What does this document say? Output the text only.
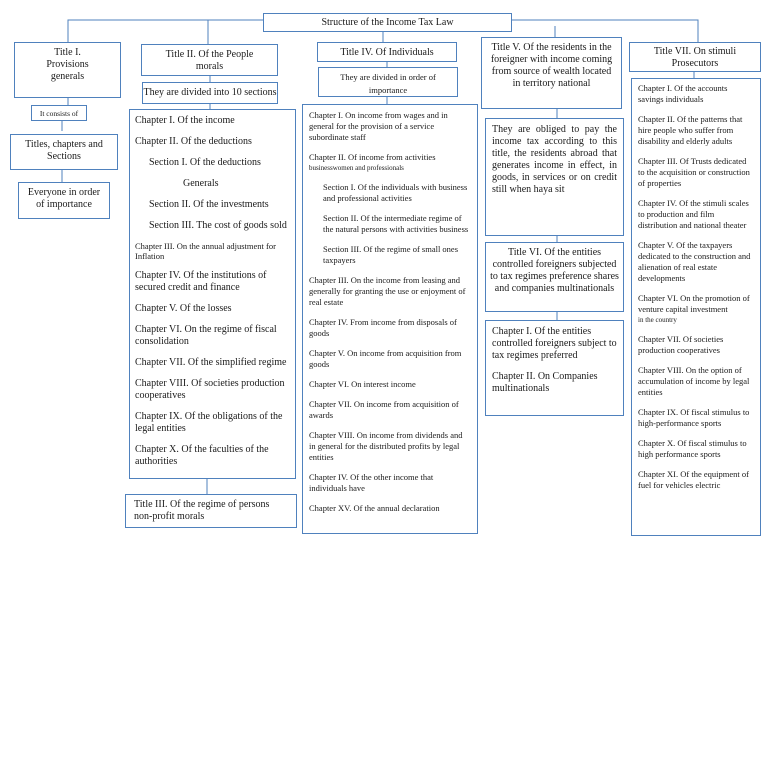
Structure of the Income Tax Law
Title I. Provisions generals
It consists of
Titles, chapters and Sections
Everyone in order of importance
Title II. Of the People morals
They are divided into 10 sections

Chapter I. Of the income

Chapter II. Of the deductions

Section I. Of the deductions

Generals

Section II. Of the investments

Section III. The cost of goods sold

Chapter III. On the annual adjustment for Inflation

Chapter IV. Of the institutions of secured credit and finance

Chapter V. Of the losses

Chapter VI. On the regime of fiscal consolidation

Chapter VII. Of the simplified regime

Chapter VIII. Of societies production cooperatives

Chapter IX. Of the obligations of the legal entities

Chapter X. Of the faculties of the authorities

Title III. Of the regime of persons non-profit morals
Title IV. Of Individuals
They are divided in order of importance

Chapter I. On income from wages and in general for the provision of a service subordinate staff

Chapter II. Of income from activities

businesswomen and professionals

Section I. Of the individuals with business and professional activities

Section II. Of the intermediate regime of the natural persons with activities business

Section III. Of the regime of small ones taxpayers

Chapter III. On the income from leasing and generally for granting the use or enjoyment of real estate

Chapter IV. From income from disposals of goods

Chapter V. On income from acquisition from goods

Chapter VI. On interest income

Chapter VII. On income from acquisition of awards

Chapter VIII. On income from dividends and in general for the distributed profits by legal entities

Chapter IV. Of the other income that individuals have

Chapter XV. Of the annual declaration

Title V. Of the residents in the foreigner with income coming from source of wealth located in territory national
They are obliged to pay the income tax according to this title, the residents abroad that generates income in effect, in goods, in services or on credit still when haya sit
Title VI. Of the entities controlled foreigners subjected to tax regimes preference shares and companies multinationals

Chapter I. Of the entities controlled foreigners subject to tax regimes preferred

Chapter II. On Companies multinationals

Title VII. On stimuli Prosecutors

Chapter I. Of the accounts savings individuals

Chapter II. Of the patterns that hire people who suffer from disability and elderly adults

Chapter III. Of Trusts dedicated to the acquisition or construction of properties

Chapter IV. Of the stimuli scales to production and film distribution and national theater

Chapter V. Of the taxpayers dedicated to the construction and alienation of real estate developments

Chapter VI. On the promotion of venture capital investment

in the country

Chapter VII. Of societies production cooperatives

Chapter VIII. On the option of accumulation of income by legal entities

Chapter IX. Of fiscal stimulus to high-performance sports

Chapter X. Of fiscal stimulus to high performance sports

Chapter XI. Of the equipment of fuel for vehicles electric
